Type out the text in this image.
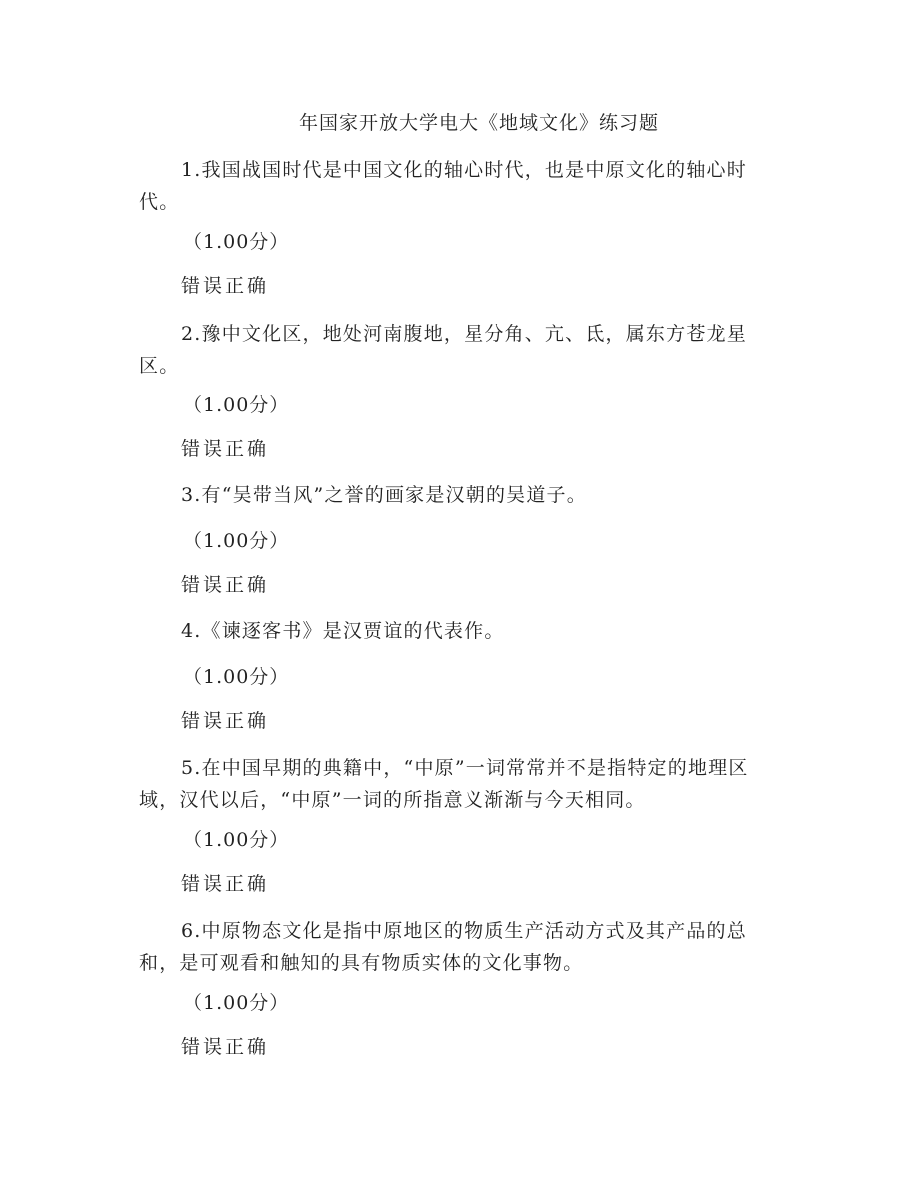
年国家开放大学电大《地域文化》练习题

1.我国战国时代是中国文化的轴心时代，也是中原文化的轴心时代。

（1.00分）
错误正确

2.豫中文化区，地处河南腹地，星分角、亢、氐，属东方苍龙星区。

（1.00分）
错误正确

3.有“吴带当风”之誉的画家是汉朝的吴道子。

（1.00分）
错误正确

4.《谏逐客书》是汉贾谊的代表作。

（1.00分）
错误正确

5.在中国早期的典籍中，“中原”一词常常并不是指特定的地理区域，汉代以后，“中原”一词的所指意义渐渐与今天相同。

（1.00分）
错误正确

6.中原物态文化是指中原地区的物质生产活动方式及其产品的总和，是可观看和触知的具有物质实体的文化事物。

（1.00分）
错误正确
